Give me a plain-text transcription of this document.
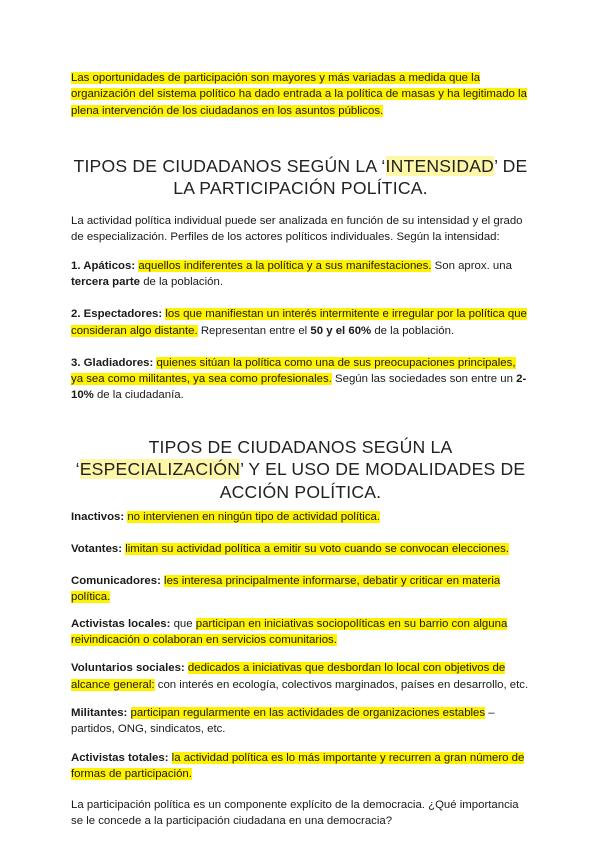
Las oportunidades de participación son mayores y más variadas a medida que la organización del sistema político ha dado entrada a la política de masas y ha legitimado la plena intervención de los ciudadanos en los asuntos públicos.

TIPOS DE CIUDADANOS SEGÚN LA ‘INTENSIDAD’ DE LA PARTICIPACIÓN POLÍTICA.

La actividad política individual puede ser analizada en función de su intensidad y el grado de especialización. Perfiles de los actores políticos individuales. Según la intensidad:

1. Apáticos: aquellos indiferentes a la política y a sus manifestaciones. Son aprox. una tercera parte de la población.

2. Espectadores: los que manifiestan un interés intermitente e irregular por la política que consideran algo distante. Representan entre el 50 y el 60% de la población.

3. Gladiadores: quienes sitúan la política como una de sus preocupaciones principales, ya sea como militantes, ya sea como profesionales. Según las sociedades son entre un 2-10% de la ciudadanía.

TIPOS DE CIUDADANOS SEGÚN LA ‘ESPECIALIZACIÓN’ Y EL USO DE MODALIDADES DE ACCIÓN POLÍTICA.

Inactivos: no intervienen en ningún tipo de actividad política.

Votantes: limitan su actividad política a emitir su voto cuando se convocan elecciones.

Comunicadores: les interesa principalmente informarse, debatir y criticar en materia política.

Activistas locales: que participan en iniciativas sociopolíticas en su barrio con alguna reivindicación o colaboran en servicios comunitarios.

Voluntarios sociales: dedicados a iniciativas que desbordan lo local con objetivos de alcance general: con interés en ecología, colectivos marginados, países en desarrollo, etc.

Militantes: participan regularmente en las actividades de organizaciones estables –partidos, ONG, sindicatos, etc.

Activistas totales: la actividad política es lo más importante y recurren a gran número de formas de participación.

La participación política es un componente explícito de la democracia. ¿Qué importancia se le concede a la participación ciudadana en una democracia?
